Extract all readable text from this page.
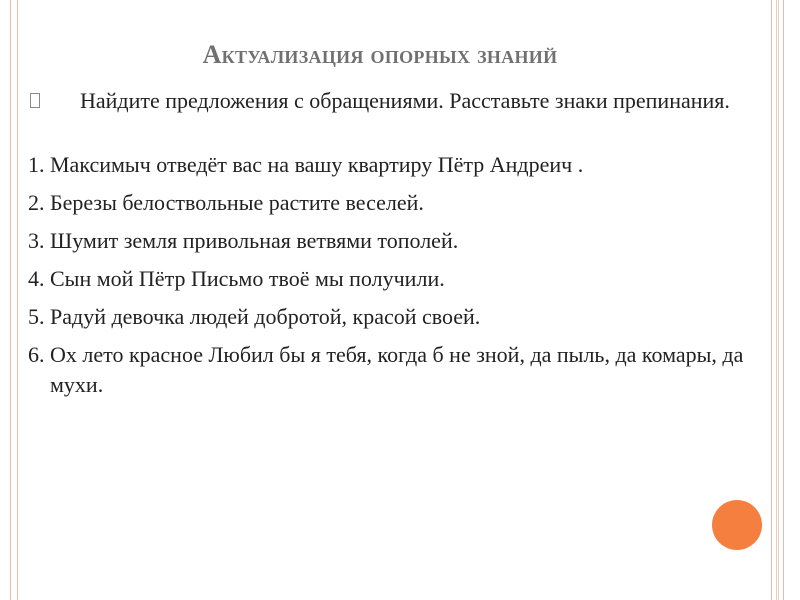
Актуализация опорных знаний
Найдите предложения с обращениями. Расставьте знаки препинания.
1. Максимыч отведёт вас на вашу квартиру Пётр Андреич .
2. Березы белоствольные растите веселей.
3. Шумит земля привольная ветвями тополей.
4. Сын мой Пётр Письмо твоё мы получили.
5. Радуй девочка людей добротой, красой своей.
6. Ох лето красное Любил бы я тебя, когда б не зной, да пыль, да комары, да мухи.
